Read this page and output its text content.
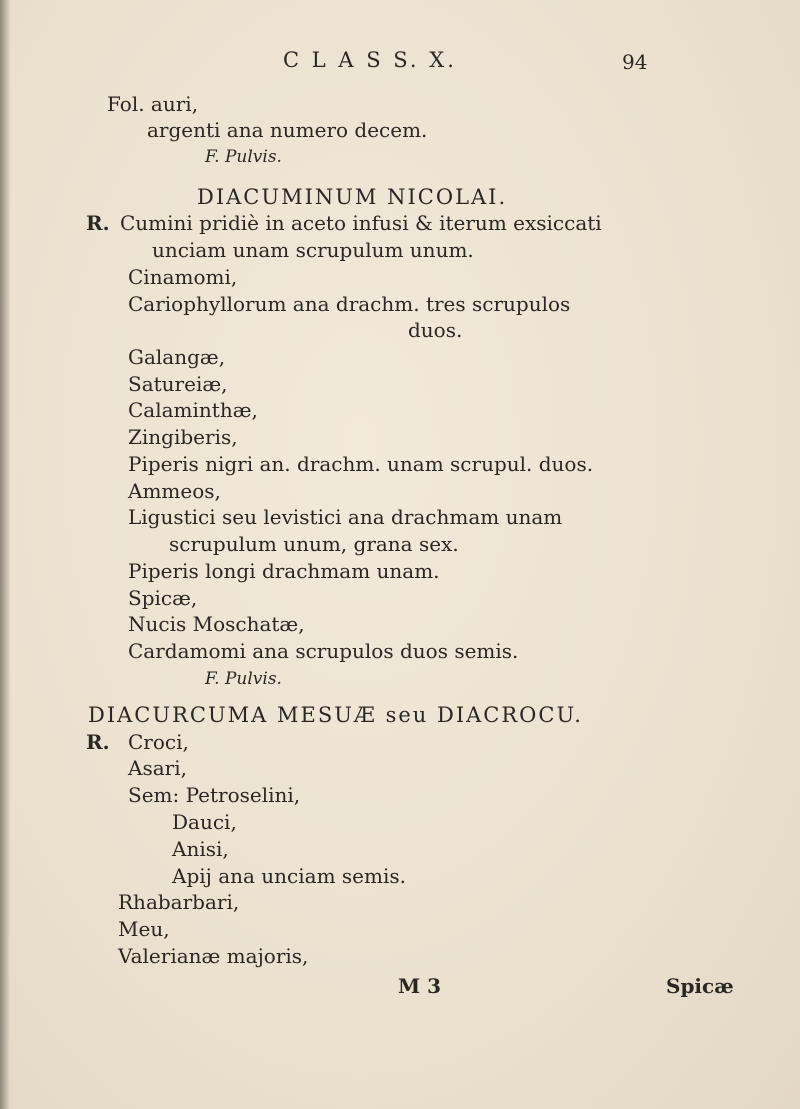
C L A S S. X.	94
Fol. auri,
argenti ana numero decem.
F. Pulvis.
DIACUMINUM NICOLAI.
R. Cumini pridiè in aceto infusi & iterum exsiccati
unciam unam scrupulum unum.
Cinamomi,
Cariophyllorum ana drachm. tres scrupulos
duos.
Galangæ,
Satureiæ,
Calaminthæ,
Zingiberis,
Piperis nigri an. drachm. unam scrupul. duos.
Ammeos,
Ligustici seu levistici ana drachmam unam
scrupulum unum, grana sex.
Piperis longi drachmam unam.
Spicæ,
Nucis Moschatæ,
Cardamomi ana scrupulos duos semis.
F. Pulvis.
DIACURCUMA MESUÆ seu DIACROCU.
R. Croci,
Asari,
Sem: Petroselini,
Dauci,
Anisi,
Apij ana unciam semis.
Rhabarbari,
Meu,
Valerianæ majoris,
M 3	Spicæ
